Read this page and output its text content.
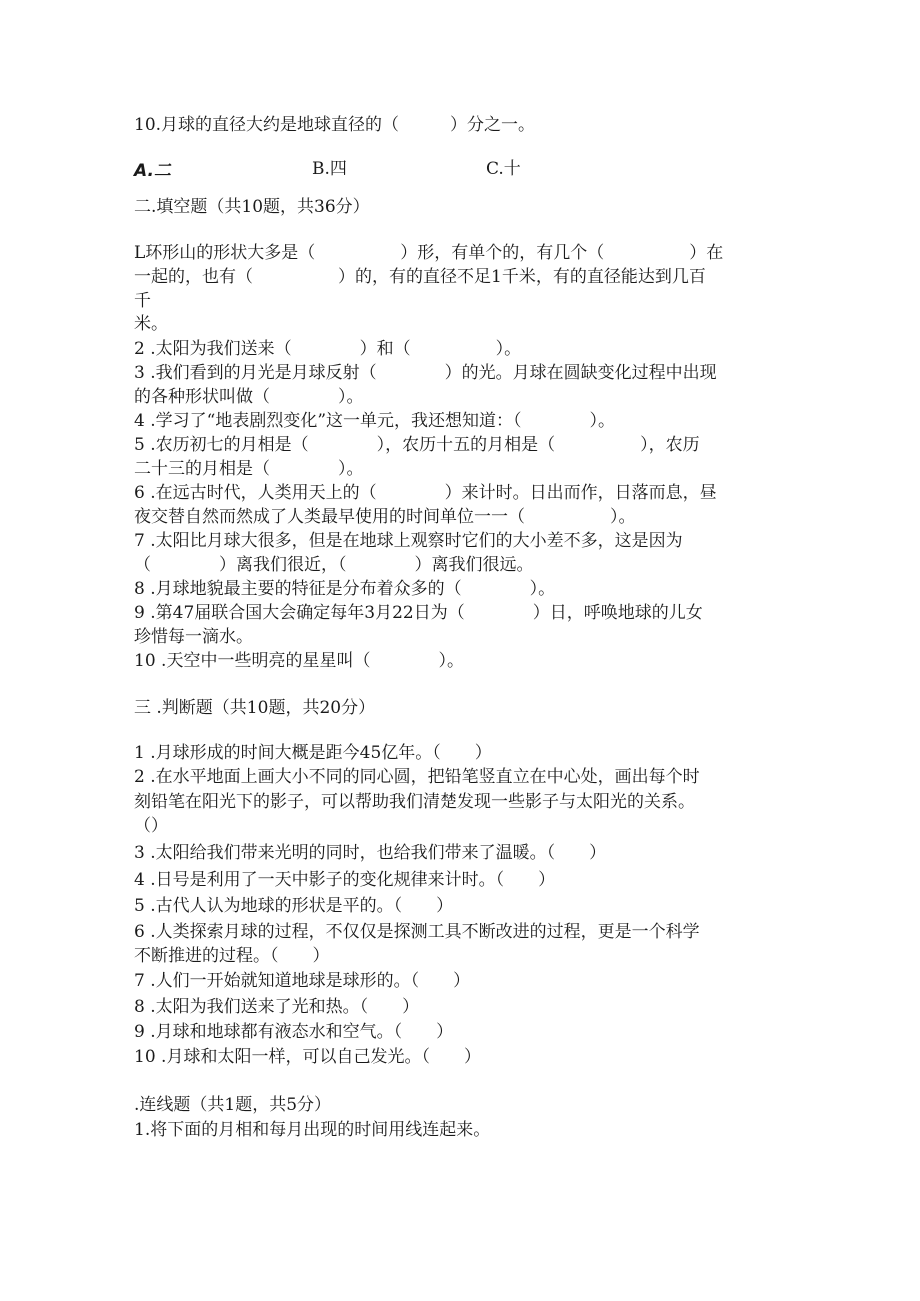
10.月球的直径大约是地球直径的（　　　）分之一。

A.二	B.四	C.十

二.填空题（共10题，共36分）

L环形山的形状大多是（　　　　　）形，有单个的，有几个（　　　　　）在

一起的，也有（　　　　　）的，有的直径不足1千米，有的直径能达到几百

千

米。

2 .太阳为我们送来（　　　　）和（　　　　　）。

3 .我们看到的月光是月球反射（　　　　）的光。月球在圆缺变化过程中出现

的各种形状叫做（　　　　）。

4 .学习了“地表剧烈变化”这一单元，我还想知道：（　　　　）。

5 .农历初七的月相是（　　　　），农历十五的月相是（　　　　　），农历

二十三的月相是（　　　　）。

6 .在远古时代，人类用天上的（　　　　）来计时。日出而作，日落而息，昼

夜交替自然而然成了人类最早使用的时间单位一一（　　　　　）。

7 .太阳比月球大很多，但是在地球上观察时它们的大小差不多，这是因为

（　　　　）离我们很近，（　　　　）离我们很远。

8 .月球地貌最主要的特征是分布着众多的（　　　　）。

9 .第47届联合国大会确定每年3月22日为（　　　　）日，呼唤地球的儿女

珍惜每一滴水。

10 .天空中一些明亮的星星叫（　　　　）。

三 .判断题（共10题，共20分）

1 .月球形成的时间大概是距今45亿年。（　　）

2 .在水平地面上画大小不同的同心圆，把铅笔竖直立在中心处，画出每个时

刻铅笔在阳光下的影子，可以帮助我们清楚发现一些影子与太阳光的关系。

（）

3 .太阳给我们带来光明的同时，也给我们带来了温暖。（　　）

4 .日号是利用了一天中影子的变化规律来计时。（　　）

5 .古代人认为地球的形状是平的。（　　）

6 .人类探索月球的过程，不仅仅是探测工具不断改进的过程，更是一个科学

不断推进的过程。（　　）

7 .人们一开始就知道地球是球形的。（　　）

8 .太阳为我们送来了光和热。（　　）

9 .月球和地球都有液态水和空气。（　　）

10 .月球和太阳一样，可以自己发光。（　　）

.连线题（共1题，共5分）

1.将下面的月相和每月出现的时间用线连起来。
